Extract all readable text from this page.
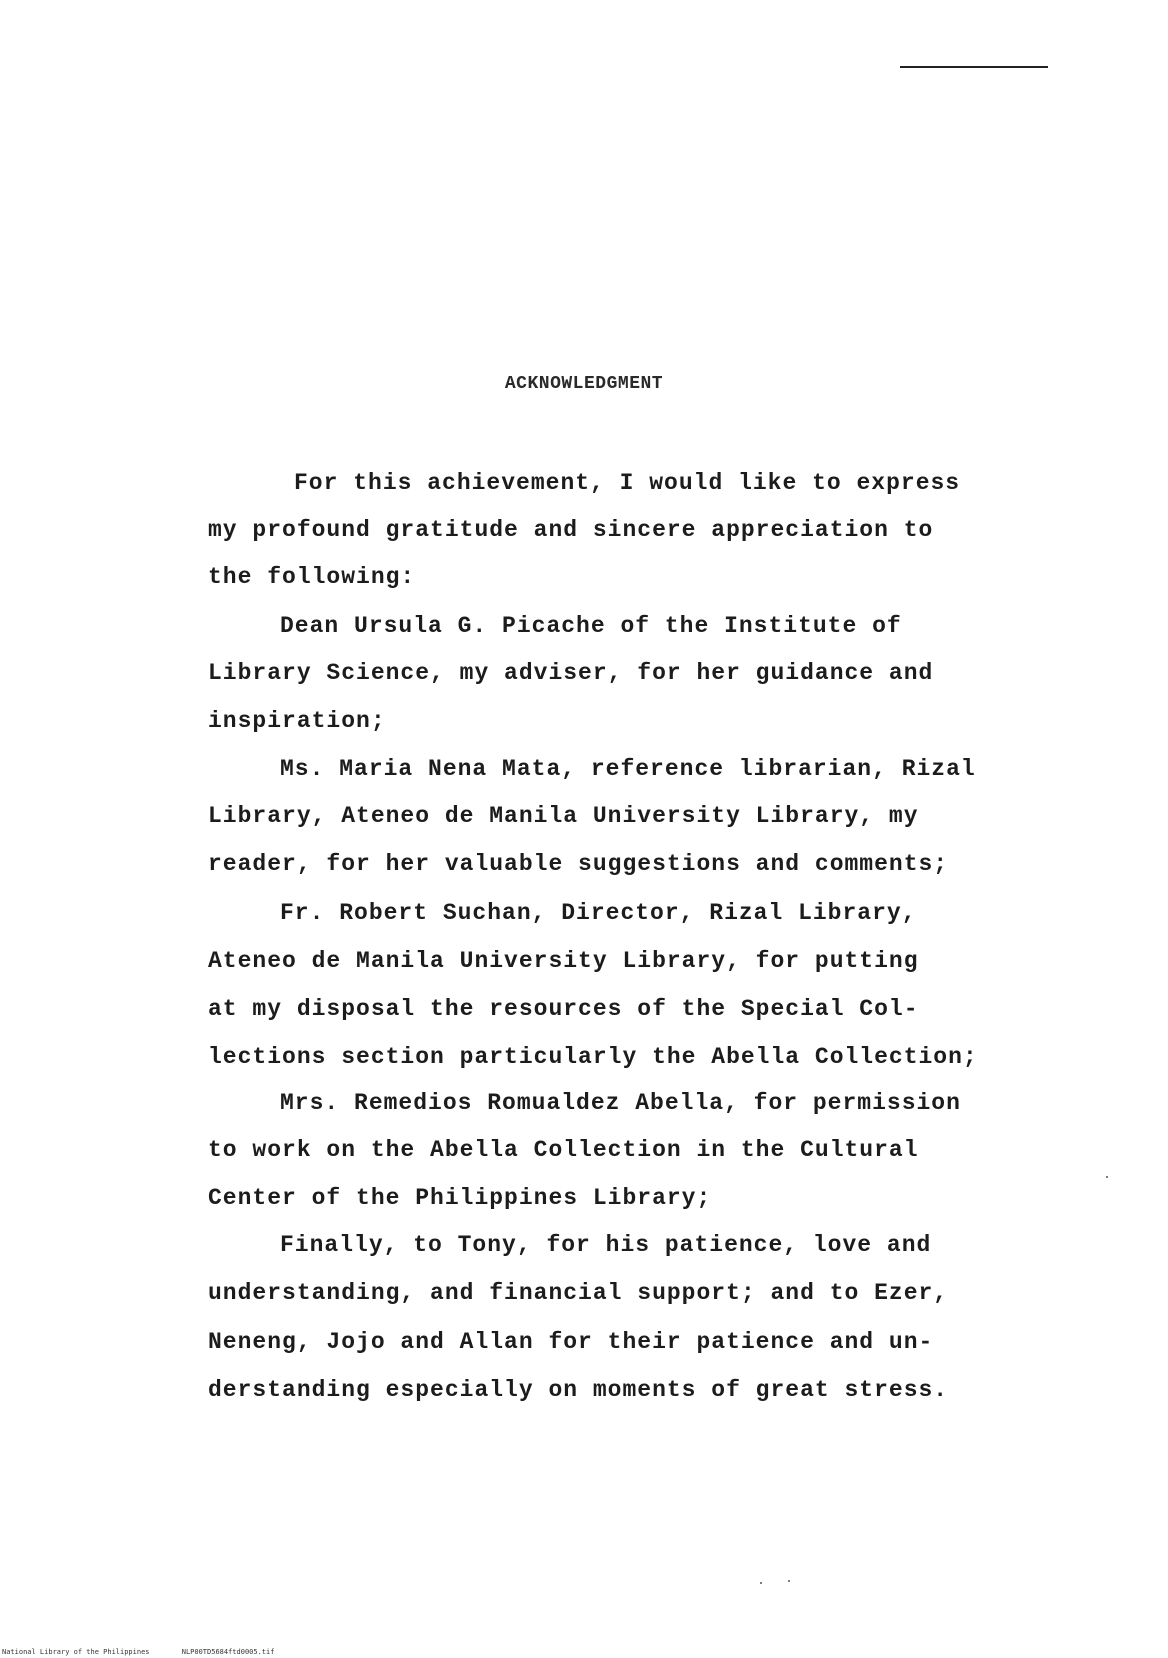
ACKNOWLEDGMENT
For this achievement, I would like to express
my profound gratitude and sincere appreciation to
the following:
Dean Ursula G. Picache of the Institute of
Library Science, my adviser, for her guidance and
inspiration;
Ms. Maria Nena Mata, reference librarian, Rizal
Library, Ateneo de Manila University Library, my
reader, for her valuable suggestions and comments;
Fr. Robert Suchan, Director, Rizal Library,
Ateneo de Manila University Library, for putting
at my disposal the resources of the Special Col-
lections section particularly the Abella Collection;
Mrs. Remedios Romualdez Abella, for permission
to work on the Abella Collection in the Cultural
Center of the Philippines Library;
Finally, to Tony, for his patience, love and
understanding, and financial support; and to Ezer,
Neneng, Jojo and Allan for their patience and un-
derstanding especially on moments of great stress.
National Library of the Philippines	NLP00TD5684ftd0005.tif
